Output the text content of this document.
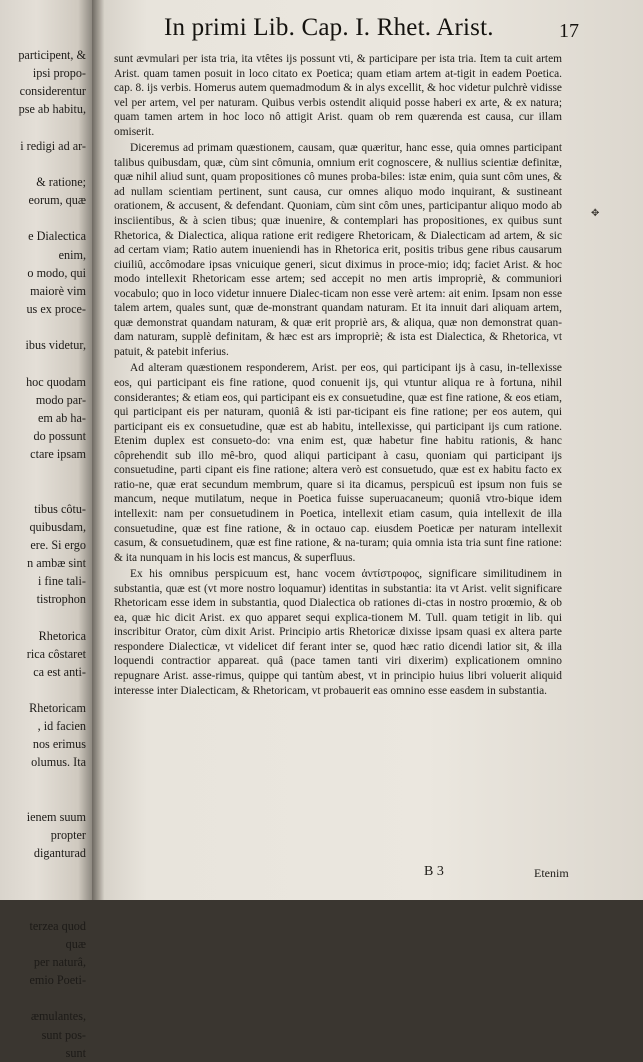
participent, &
ipsi propo-
considerentur
pse ab habitu,
i redigi ad ar-
& ratione;
eorum, quæ
e Dialectica
enim,
o modo, qui
maiorè vim
us ex proce-
ibus videtur,
hoc quodam
modo par-
em ab ha-
do possunt
ctare ipsam
tibus côtu-
quibusdam,
ere. Si ergo
n ambæ sint
i fine tali-
tistrophon
Rhetorica
rica côstaret
ca est anti-
Rhetoricam
, id facien
nos erimus
olumus. Ita
ienem suum
propter
diganturad
terzea quod
quæ
per naturâ,
emio Poeti-
æmulantes,
sunt pos-
sunt
In primi Lib. Cap. I. Rhet. Arist.	17

sunt ævmulari per ista tria, ita vtêtes ijs possunt vti, & participare per ista tria. Item ta cuit artem Arist. quam tamen posuit in loco citato ex Poetica; quam etiam artem at-tigit in eadem Poetica. cap. 8. ijs verbis. Homerus autem quemadmodum & in alys excellit, & hoc videtur pulchrè vidisse vel per artem, vel per naturam. Quibus verbis ostendit aliquid posse haberi ex arte, & ex natura; quam tamen artem in hoc loco nô attigit Arist. quam ob rem quærenda est causa, cur illam omiserit.

Diceremus ad primam quæstionem, causam, quæ quæritur, hanc esse, quia omnes participant talibus quibusdam, quæ, cùm sint cômunia, omnium erit cognoscere, & nullius scientiæ definitæ, quæ nihil aliud sunt, quam propositiones cô munes proba-biles: istæ enim, quia sunt côm unes, & ad nullam scientiam pertinent, sunt causa, cur omnes aliquo modo inquirant, & sustineant orationem, & accusent, & defendant. Quoniam, cùm sint côm unes, participantur aliquo modo ab insciientibus, & à scien tibus; quæ inuenire, & contemplari has propositiones, ex quibus sunt Rhetorica, & Dialectica, aliqua ratione erit redigere Rhetoricam, & Dialecticam ad artem, & sic ad certam viam; Ratio autem inueniendi has in Rhetorica erit, positis tribus gene ribus causarum ciuiliû, accômodare ipsas vnicuique generi, sicut diximus in proce-mio; idq; faciet Arist. & hoc modo intellexit Rhetoricam esse artem; sed accepit no men artis impropriè, & communiori vocabulo; quo in loco videtur innuere Dialec-ticam non esse verè artem: ait enim. Ipsam non esse talem artem, quales sunt, quæ de-monstrant quandam naturam. Et ita innuit dari aliquam artem, quæ demonstrat quandam naturam, & quæ erit propriè ars, & aliqua, quæ non demonstrat quan-dam naturam, supplè definitam, & hæc est ars impropriè; & ista est Dialectica, & Rhetorica, vt patuit, & patebit inferius.

Ad alteram quæstionem responderem, Arist. per eos, qui participant ijs à casu, in-tellexisse eos, qui participant eis fine ratione, quod conuenit ijs, qui vtuntur aliqua re à fortuna, nihil considerantes; & etiam eos, qui participant eis ex consuetudine, quæ est fine ratione, & eos etiam, qui participant eis per naturam, quoniâ & isti par-ticipant eis fine ratione; per eos autem, qui participant eis ex consuetudine, quæ est ab habitu, intellexisse, qui participant ijs cum ratione. Etenim duplex est consueto-do: vna enim est, quæ habetur fine habitu rationis, & hanc côprehendit sub illo mê-bro, quod aliqui participant à casu, quoniam qui participant ijs consuetudine, parti cipant eis fine ratione; altera verò est consuetudo, quæ est ex habitu facto ex ratio-ne, quæ erat secundum membrum, quare si ita dicamus, perspicuû est ipsum non fuis se mancum, neque mutilatum, neque in Poetica fuisse superuacaneum; quoniâ vtro-bique idem intellexit: nam per consuetudinem in Poetica, intellexit etiam casum, quia intellexit de illa consuetudine, quæ est fine ratione, & in octauo cap. eiusdem Poeticæ per naturam intellexit casum, & consuetudinem, quæ est fine ratione, & na-turam; quia omnia ista tria sunt fine ratione: & ita nunquam in his locis est mancus, & superfluus.

Ex his omnibus perspicuum est, hanc vocem ἀντίστροφος, significare similitudinem in substantia, quæ est (vt more nostro loquamur) identitas in substantia: ita vt Arist. velit significare Rhetoricam esse idem in substantia, quod Dialectica ob rationes di-ctas in nostro proœmio, & ob ea, quæ hic dicit Arist. ex quo apparet sequi explica-tionem M. Tull. quam tetigit in lib. qui inscribitur Orator, cùm dixit Arist. Principio artis Rhetoricæ dixisse ipsam quasi ex altera parte respondere Dialecticæ, vt videlicet dif ferant inter se, quod hæc ratio dicendi latior sit, & illa loquendi contractior appareat. quâ (pace tamen tanti viri dixerim) explicationem omnino repugnare Arist. asse-rimus, quippe qui tantùm abest, vt in principio huius libri voluerit aliquid interesse inter Dialecticam, & Rhetoricam, vt probauerit eas omnino esse easdem in substantia.

✥
B 3	Etenim
